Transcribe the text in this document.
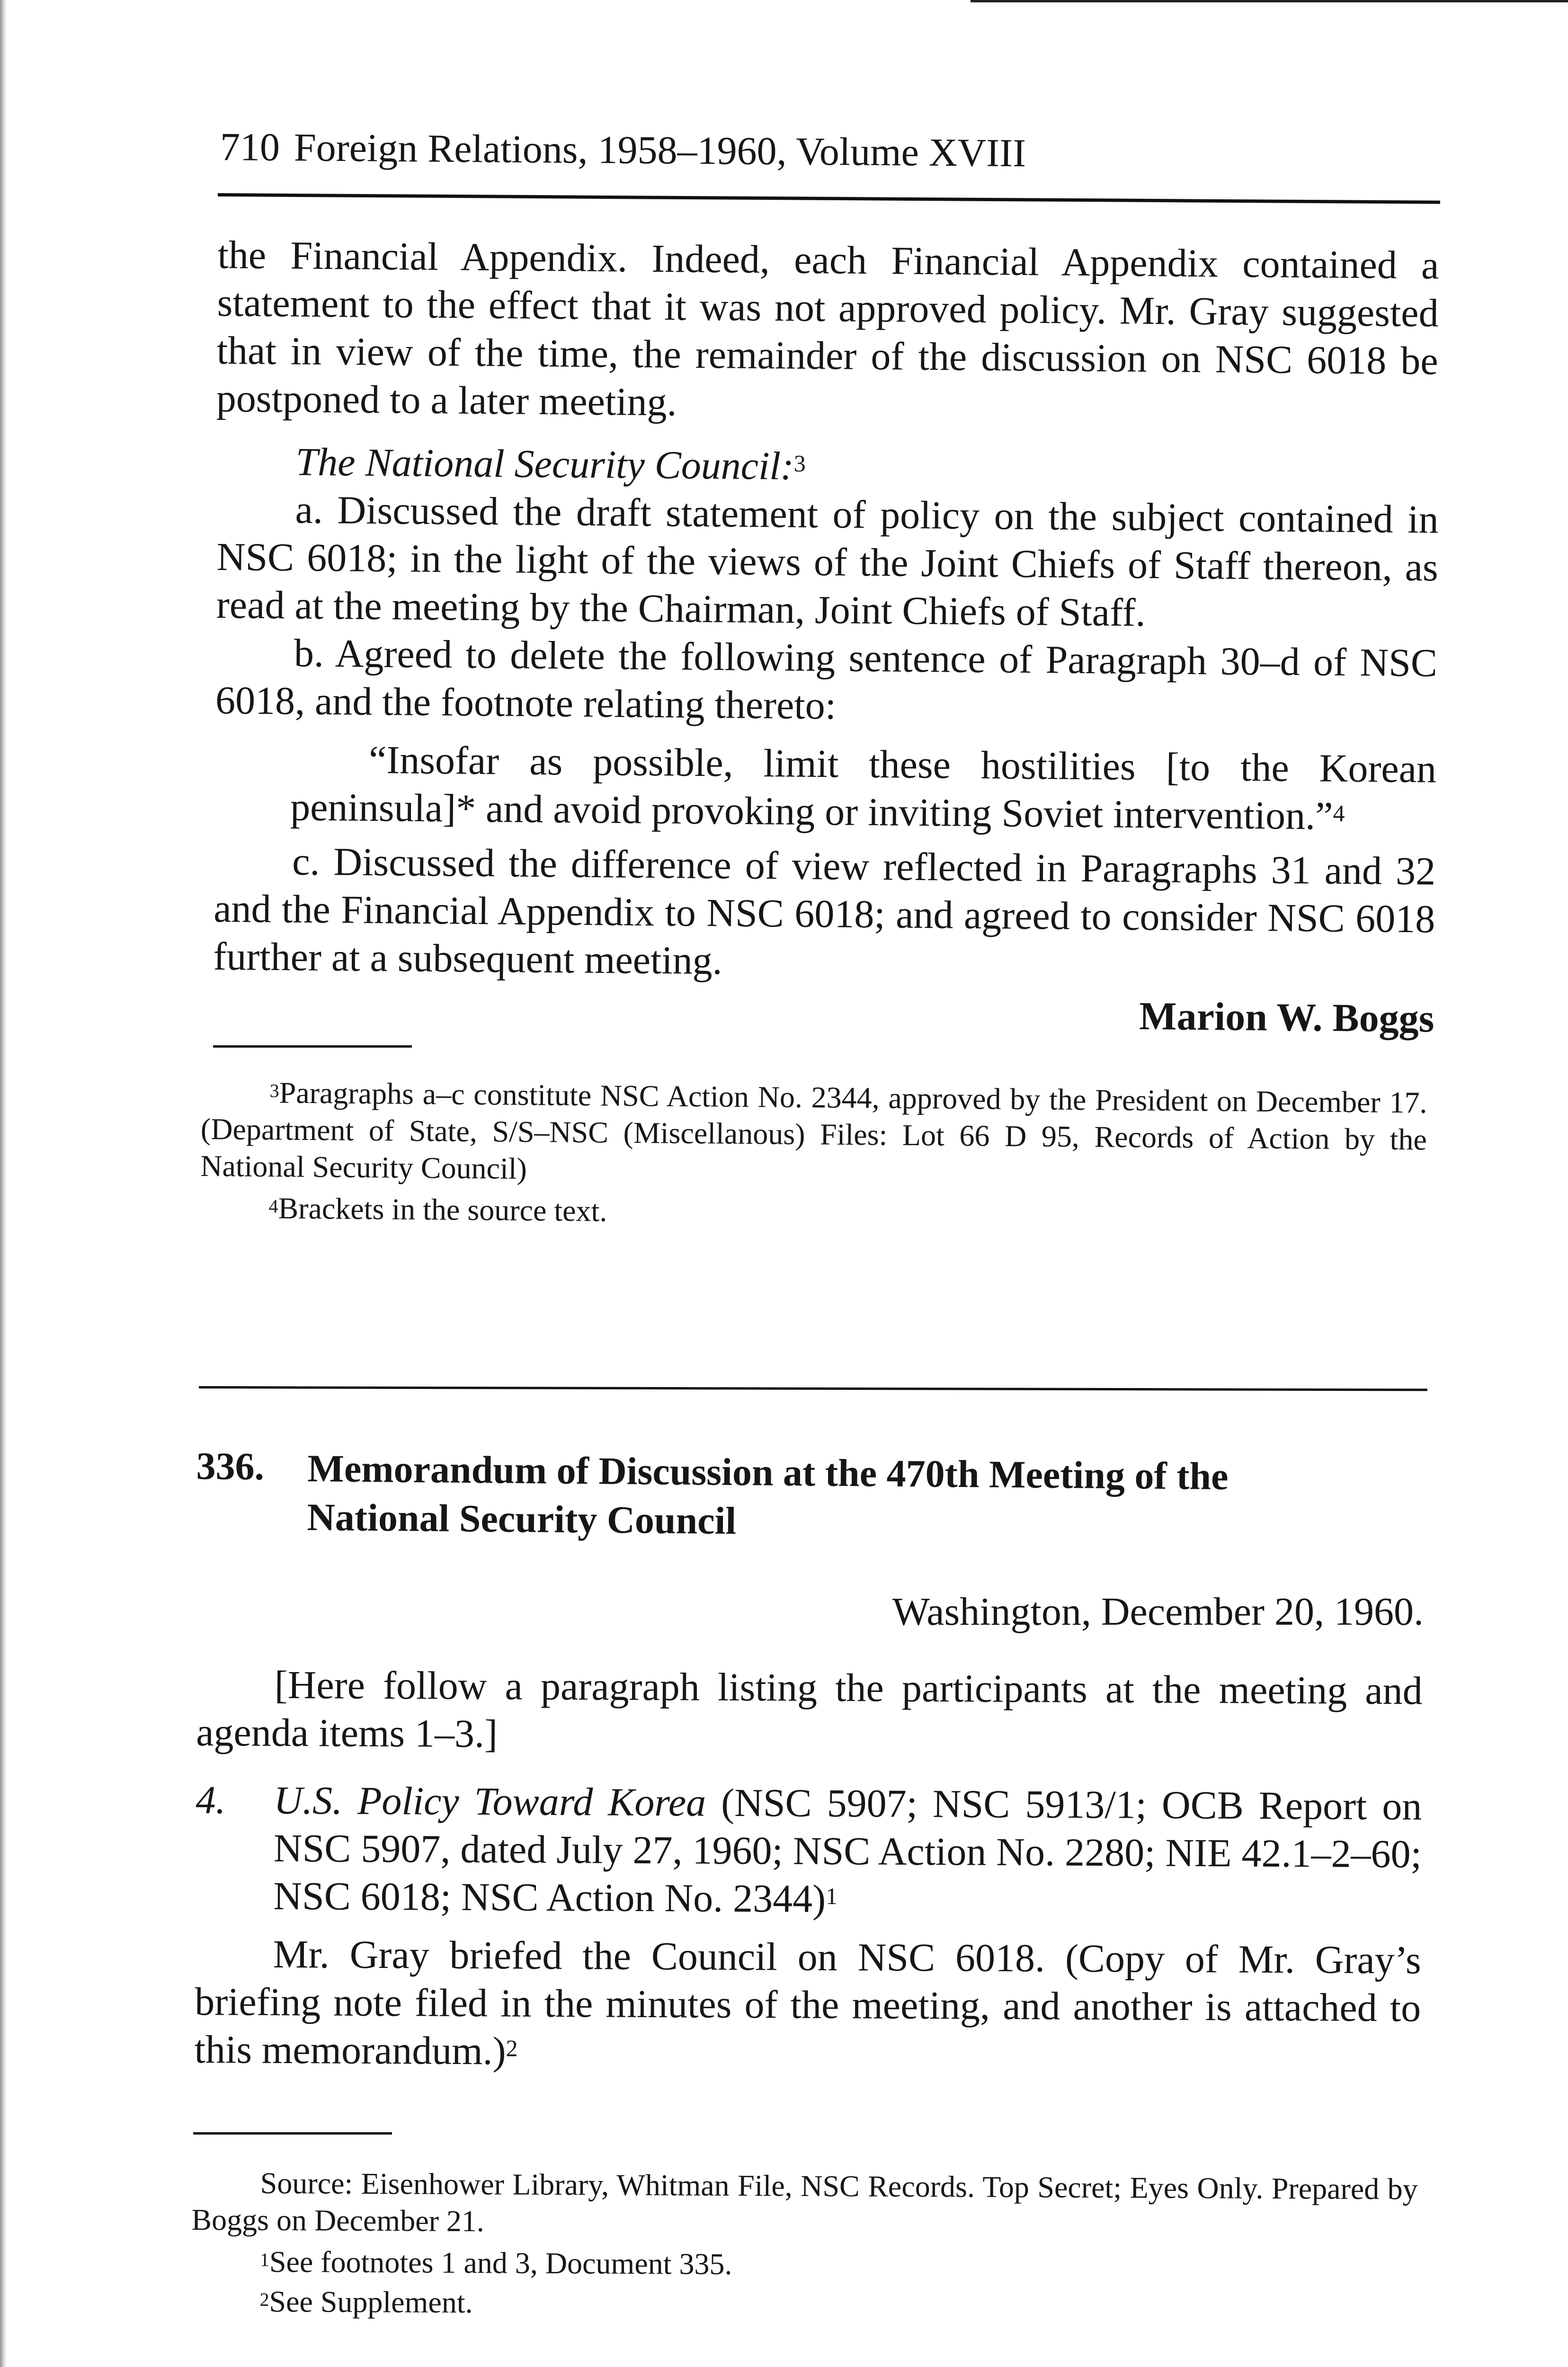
710 Foreign Relations, 1958–1960, Volume XVIII

the Financial Appendix. Indeed, each Financial Appendix contained a statement to the effect that it was not approved policy. Mr. Gray suggested that in view of the time, the remainder of the discussion on NSC 6018 be postponed to a later meeting.

The National Security Council:$^3$

a. Discussed the draft statement of policy on the subject contained in NSC 6018; in the light of the views of the Joint Chiefs of Staff thereon, as read at the meeting by the Chairman, Joint Chiefs of Staff.

b. Agreed to delete the following sentence of Paragraph 30–d of NSC 6018, and the footnote relating thereto:

“Insofar as possible, limit these hostilities [to the Korean peninsula]* and avoid provoking or inviting Soviet intervention.”$^4$

c. Discussed the difference of view reflected in Paragraphs 31 and 32 and the Financial Appendix to NSC 6018; and agreed to consider NSC 6018 further at a subsequent meeting.

Marion W. Boggs

$^3$Paragraphs a–c constitute NSC Action No. 2344, approved by the President on December 17. (Department of State, S/S–NSC (Miscellanous) Files: Lot 66 D 95, Records of Action by the National Security Council)

$^4$Brackets in the source text.

336. Memorandum of Discussion at the 470th Meeting of the National Security Council
Washington, December 20, 1960.

[Here follow a paragraph listing the participants at the meeting and agenda items 1–3.]

4. U.S. Policy Toward Korea (NSC 5907; NSC 5913/1; OCB Report on NSC 5907, dated July 27, 1960; NSC Action No. 2280; NIE 42.1–2–60; NSC 6018; NSC Action No. 2344)$^1$

Mr. Gray briefed the Council on NSC 6018. (Copy of Mr. Gray’s briefing note filed in the minutes of the meeting, and another is attached to this memorandum.)$^2$

Source: Eisenhower Library, Whitman File, NSC Records. Top Secret; Eyes Only. Prepared by Boggs on December 21.

$^1$See footnotes 1 and 3, Document 335.

$^2$See Supplement.
